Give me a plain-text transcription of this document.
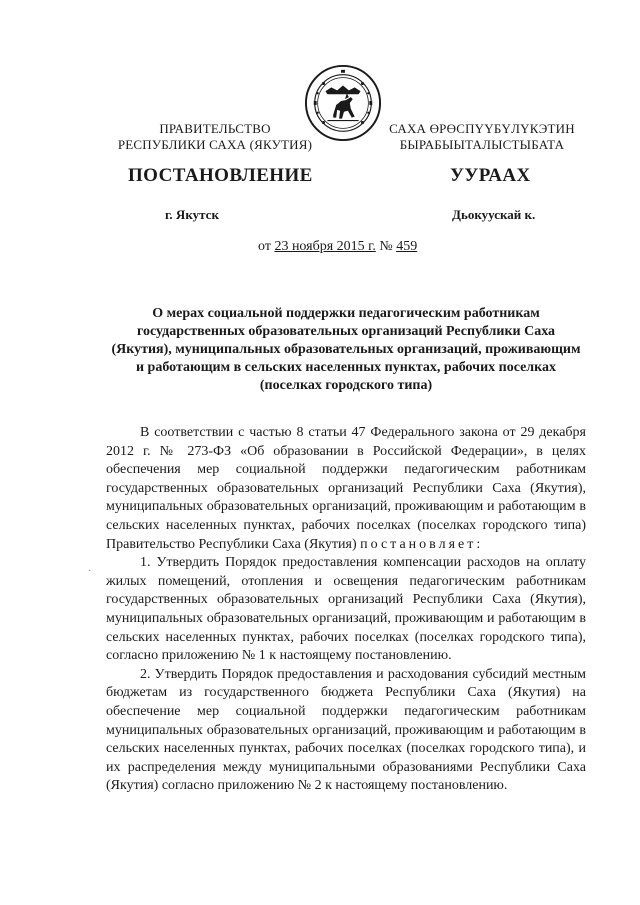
ПРАВИТЕЛЬСТВО
РЕСПУБЛИКИ САХА (ЯКУТИЯ)
САХА ӨРӨСПҮҮБҮЛҮКЭТИН
БЫРАБЫЫТАЛЫСТЫБАТА
ПОСТАНОВЛЕНИЕ	УУРААХ
г. Якутск	Дьокуускай к.
от 23 ноября 2015 г. № 459
О мерах социальной поддержки педагогическим работникам государственных образовательных организаций Республики Саха (Якутия), муниципальных образовательных организаций, проживающим и работающим в сельских населенных пунктах, рабочих поселках (поселках городского типа)

В соответствии с частью 8 статьи 47 Федерального закона от 29 декабря 2012 г. № 273-ФЗ «Об образовании в Российской Федерации», в целях обеспечения мер социальной поддержки педагогическим работникам государственных образовательных организаций Республики Саха (Якутия), муниципальных образовательных организаций, проживающим и работающим в сельских населенных пунктах, рабочих поселках (поселках городского типа) Правительство Республики Саха (Якутия) постановляет:

1. Утвердить Порядок предоставления компенсации расходов на оплату жилых помещений, отопления и освещения педагогическим работникам государственных образовательных организаций Республики Саха (Якутия), муниципальных образовательных организаций, проживающим и работающим в сельских населенных пунктах, рабочих поселках (поселках городского типа), согласно приложению № 1 к настоящему постановлению.

2. Утвердить Порядок предоставления и расходования субсидий местным бюджетам из государственного бюджета Республики Саха (Якутия) на обеспечение мер социальной поддержки педагогическим работникам муниципальных образовательных организаций, проживающим и работающим в сельских населенных пунктах, рабочих поселках (поселках городского типа), и их распределения между муниципальными образованиями Республики Саха (Якутия) согласно приложению № 2 к настоящему постановлению.

·
